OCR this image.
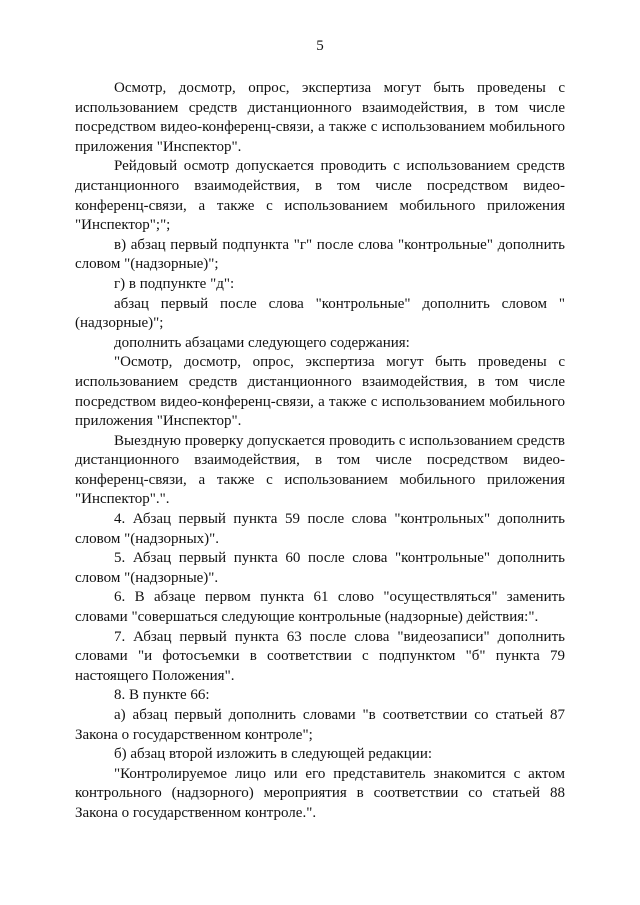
5

Осмотр, досмотр, опрос, экспертиза могут быть проведены с использованием средств дистанционного взаимодействия, в том числе посредством видео-конференц-связи, а также с использованием мобильного приложения "Инспектор".

Рейдовый осмотр допускается проводить с использованием средств дистанционного взаимодействия, в том числе посредством видео-конференц-связи, а также с использованием мобильного приложения "Инспектор";";

в) абзац первый подпункта "г" после слова "контрольные" дополнить словом "(надзорные)";

г) в подпункте "д":

абзац первый после слова "контрольные" дополнить словом "(надзорные)";

дополнить абзацами следующего содержания:

"Осмотр, досмотр, опрос, экспертиза могут быть проведены с использованием средств дистанционного взаимодействия, в том числе посредством видео-конференц-связи, а также с использованием мобильного приложения "Инспектор".

Выездную проверку допускается проводить с использованием средств дистанционного взаимодействия, в том числе посредством видео-конференц-связи, а также с использованием мобильного приложения "Инспектор".".

4. Абзац первый пункта 59 после слова "контрольных" дополнить словом "(надзорных)".

5. Абзац первый пункта 60 после слова "контрольные" дополнить словом "(надзорные)".

6. В абзаце первом пункта 61 слово "осуществляться" заменить словами "совершаться следующие контрольные (надзорные) действия:".

7. Абзац первый пункта 63 после слова "видеозаписи" дополнить словами "и фотосъемки в соответствии с подпунктом "б" пункта 79 настоящего Положения".

8. В пункте 66:

а) абзац первый дополнить словами "в соответствии со статьей 87 Закона о государственном контроле";

б) абзац второй изложить в следующей редакции:

"Контролируемое лицо или его представитель знакомится с актом контрольного (надзорного) мероприятия в соответствии со статьей 88 Закона о государственном контроле.".
